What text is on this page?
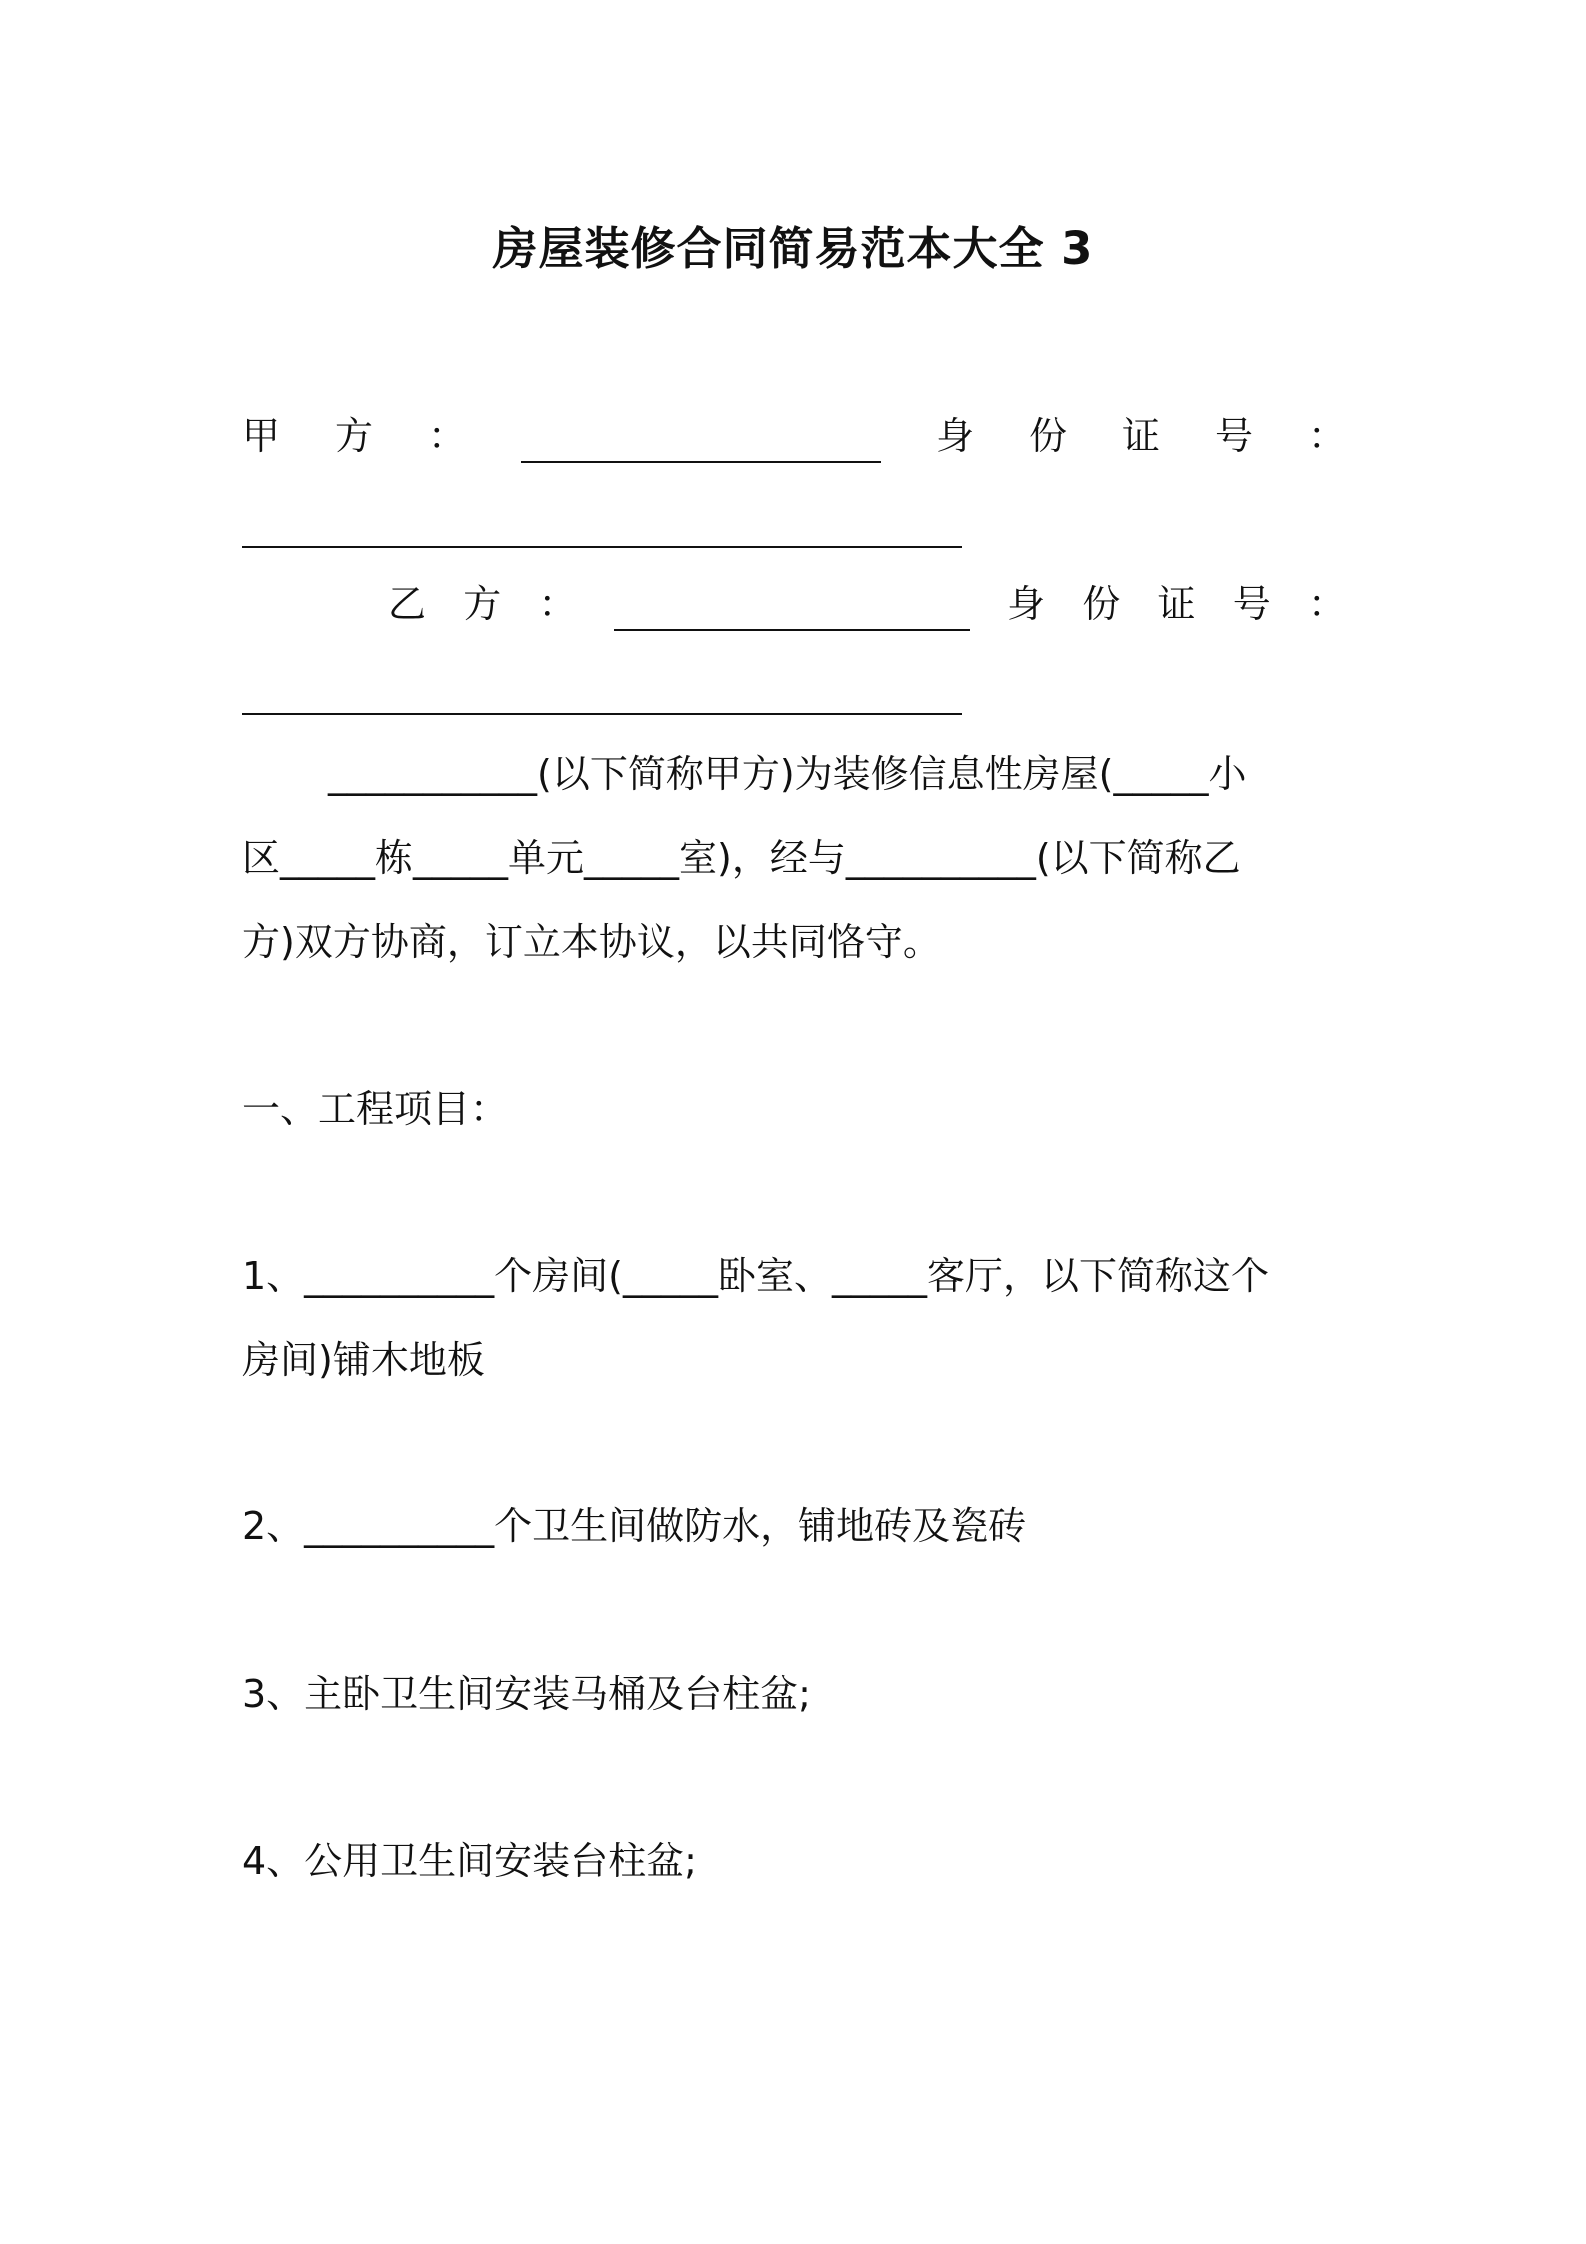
房屋装修合同简易范本大全 3
甲 方 ：	身 份 证 号 ：
乙 方 ：	身 份 证 号 ：
___________(以下简称甲方)为装修信息性房屋(_____小
区_____栋_____单元_____室)，经与__________(以下简称乙
方)双方协商，订立本协议，以共同恪守。
一、工程项目：
1、__________个房间(_____卧室、_____客厅，以下简称这个
房间)铺木地板
2、__________个卫生间做防水，铺地砖及瓷砖
3、主卧卫生间安装马桶及台柱盆;
4、公用卫生间安装台柱盆;
